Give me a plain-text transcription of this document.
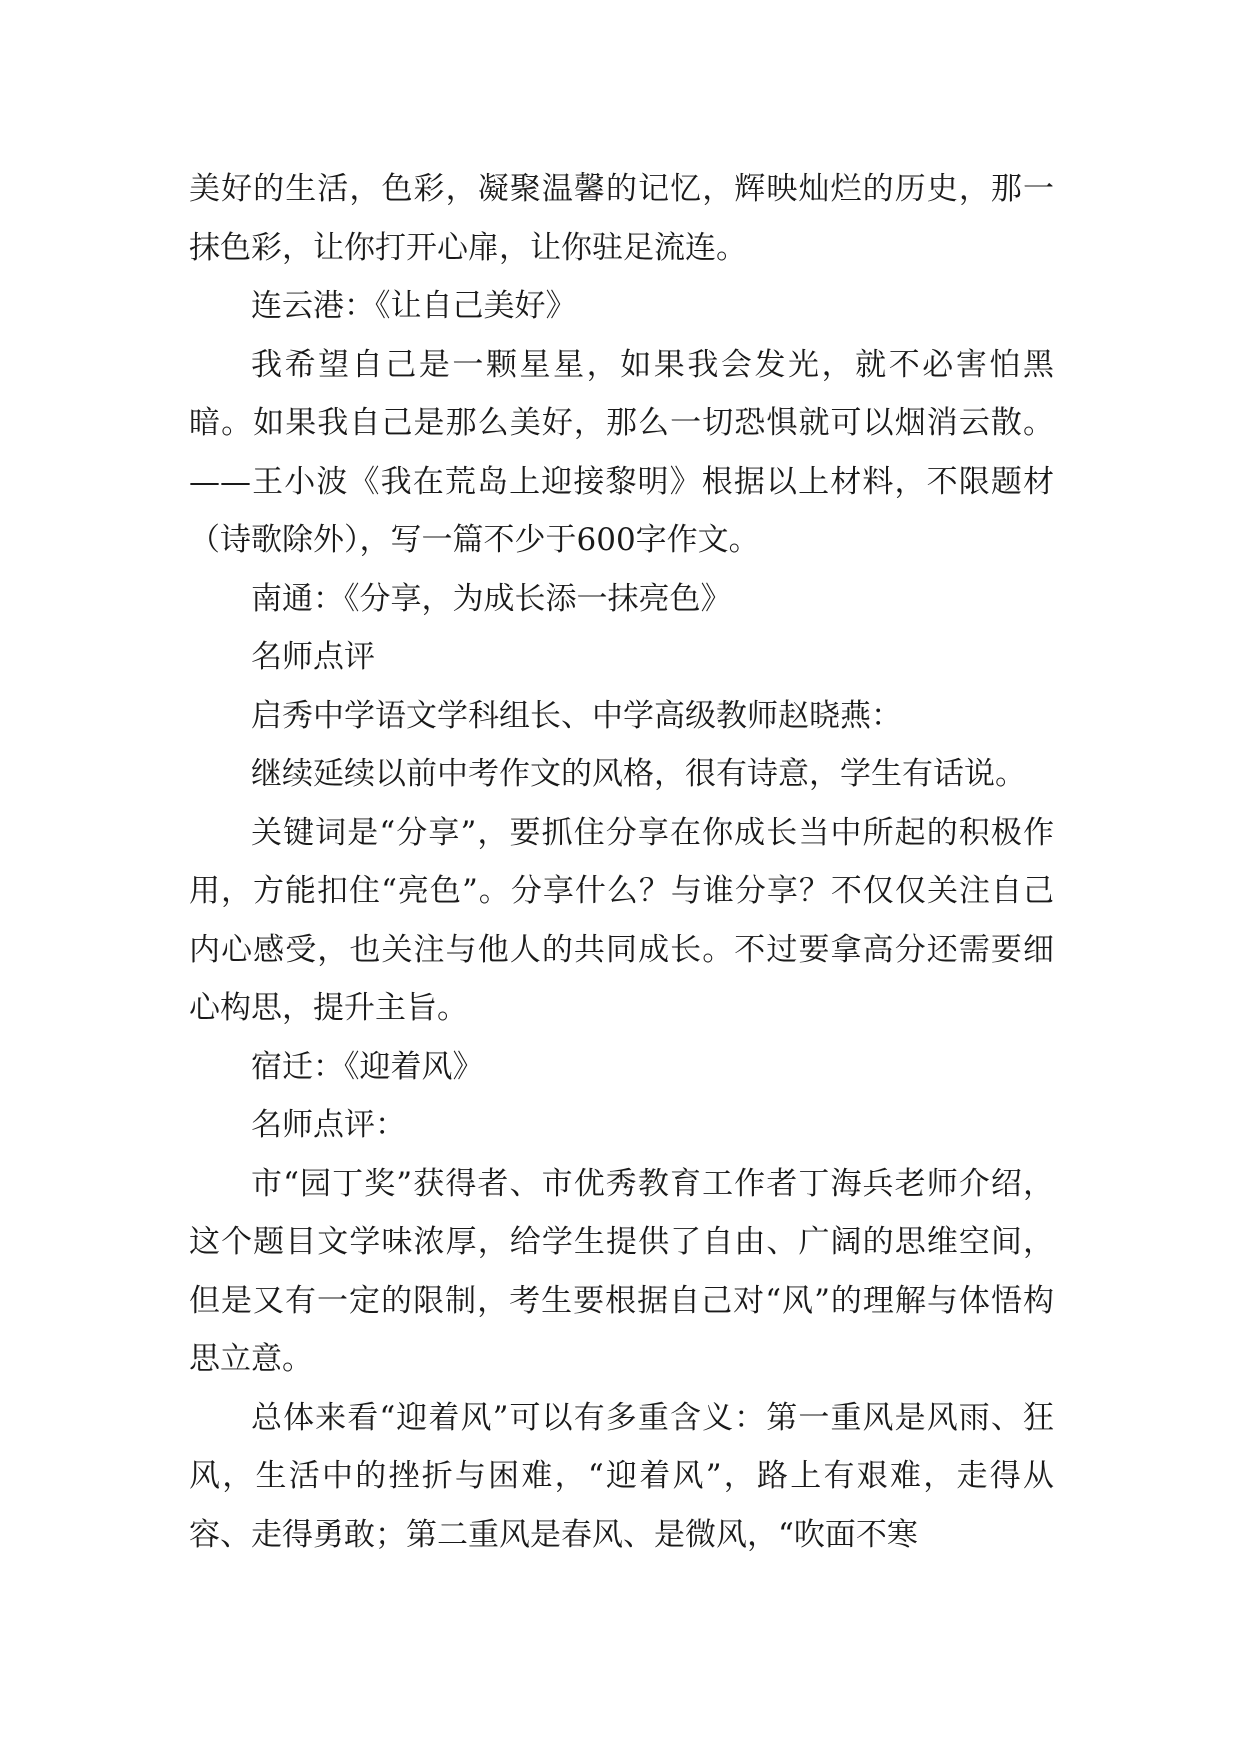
美好的生活，色彩，凝聚温馨的记忆，辉映灿烂的历史，那一抹色彩，让你打开心扉，让你驻足流连。

连云港：《让自己美好》

我希望自己是一颗星星，如果我会发光，就不必害怕黑暗。如果我自己是那么美好，那么一切恐惧就可以烟消云散。——王小波《我在荒岛上迎接黎明》根据以上材料，不限题材（诗歌除外），写一篇不少于600字作文。

南通：《分享，为成长添一抹亮色》

名师点评

启秀中学语文学科组长、中学高级教师赵晓燕：

继续延续以前中考作文的风格，很有诗意，学生有话说。

关键词是“分享”，要抓住分享在你成长当中所起的积极作用，方能扣住“亮色”。分享什么？与谁分享？不仅仅关注自己内心感受，也关注与他人的共同成长。不过要拿高分还需要细心构思，提升主旨。

宿迁：《迎着风》

名师点评：

市“园丁奖”获得者、市优秀教育工作者丁海兵老师介绍，这个题目文学味浓厚，给学生提供了自由、广阔的思维空间，但是又有一定的限制，考生要根据自己对“风”的理解与体悟构思立意。

总体来看“迎着风”可以有多重含义：第一重风是风雨、狂风，生活中的挫折与困难，“迎着风”，路上有艰难，走得从容、走得勇敢；第二重风是春风、是微风，“吹面不寒
